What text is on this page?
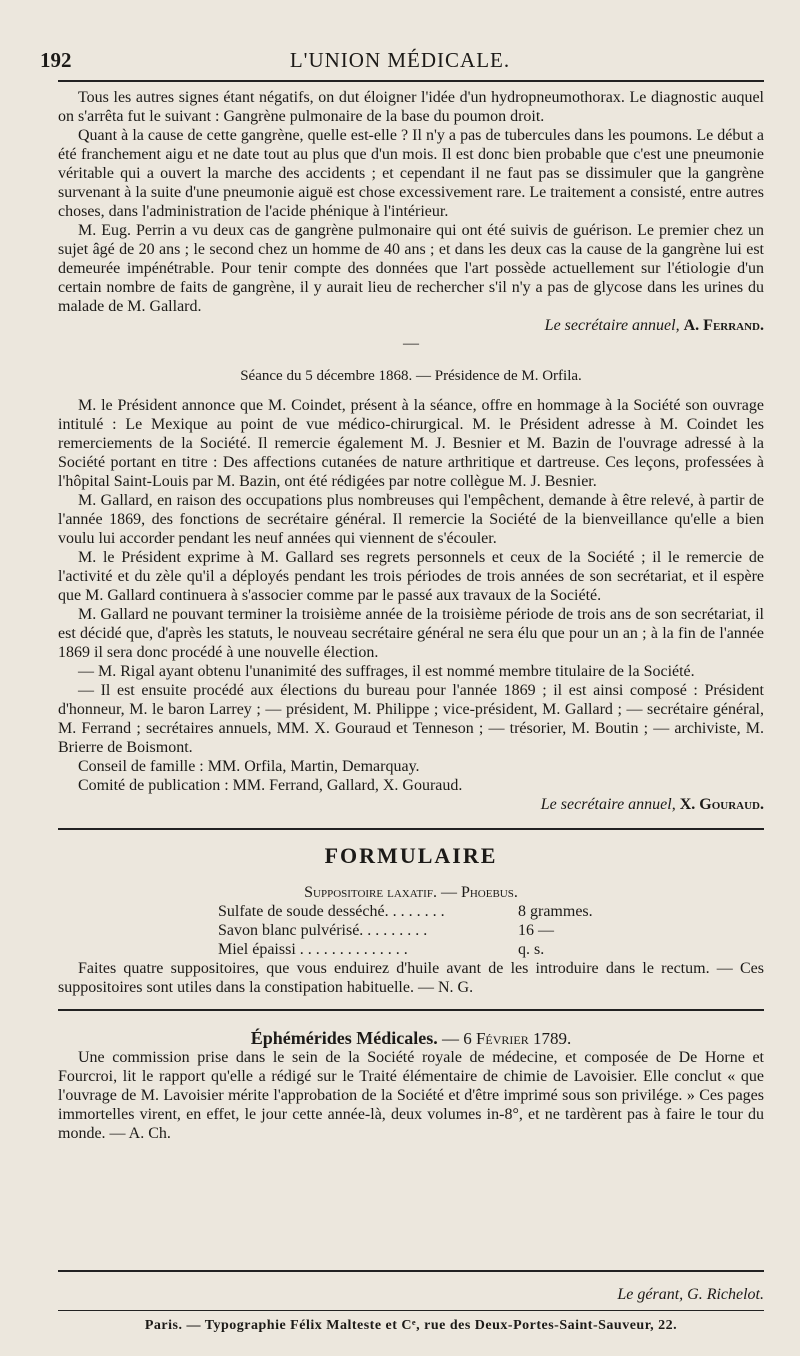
192	L'UNION MÉDICALE.

Tous les autres signes étant négatifs, on dut éloigner l'idée d'un hydropneumothorax. Le diagnostic auquel on s'arrêta fut le suivant : Gangrène pulmonaire de la base du poumon droit.

Quant à la cause de cette gangrène, quelle est-elle ? Il n'y a pas de tubercules dans les poumons. Le début a été franchement aigu et ne date tout au plus que d'un mois. Il est donc bien probable que c'est une pneumonie véritable qui a ouvert la marche des accidents ; et cependant il ne faut pas se dissimuler que la gangrène survenant à la suite d'une pneumonie aiguë est chose excessivement rare. Le traitement a consisté, entre autres choses, dans l'administration de l'acide phénique à l'intérieur.

M. Eug. Perrin a vu deux cas de gangrène pulmonaire qui ont été suivis de guérison. Le premier chez un sujet âgé de 20 ans ; le second chez un homme de 40 ans ; et dans les deux cas la cause de la gangrène lui est demeurée impénétrable. Pour tenir compte des données que l'art possède actuellement sur l'étiologie d'un certain nombre de faits de gangrène, il y aurait lieu de rechercher s'il n'y a pas de glycose dans les urines du malade de M. Gallard.

Le secrétaire annuel, A. Ferrand.

—
Séance du 5 décembre 1868. — Présidence de M. Orfila.

M. le Président annonce que M. Coindet, présent à la séance, offre en hommage à la Société son ouvrage intitulé : Le Mexique au point de vue médico-chirurgical. M. le Président adresse à M. Coindet les remerciements de la Société. Il remercie également M. J. Besnier et M. Bazin de l'ouvrage adressé à la Société portant en titre : Des affections cutanées de nature arthritique et dartreuse. Ces leçons, professées à l'hôpital Saint-Louis par M. Bazin, ont été rédigées par notre collègue M. J. Besnier.

M. Gallard, en raison des occupations plus nombreuses qui l'empêchent, demande à être relevé, à partir de l'année 1869, des fonctions de secrétaire général. Il remercie la Société de la bienveillance qu'elle a bien voulu lui accorder pendant les neuf années qui viennent de s'écouler.

M. le Président exprime à M. Gallard ses regrets personnels et ceux de la Société ; il le remercie de l'activité et du zèle qu'il a déployés pendant les trois périodes de trois années de son secrétariat, et il espère que M. Gallard continuera à s'associer comme par le passé aux travaux de la Société.

M. Gallard ne pouvant terminer la troisième année de la troisième période de trois ans de son secrétariat, il est décidé que, d'après les statuts, le nouveau secrétaire général ne sera élu que pour un an ; à la fin de l'année 1869 il sera donc procédé à une nouvelle élection.

— M. Rigal ayant obtenu l'unanimité des suffrages, il est nommé membre titulaire de la Société.

— Il est ensuite procédé aux élections du bureau pour l'année 1869 ; il est ainsi composé : Président d'honneur, M. le baron Larrey ; — président, M. Philippe ; vice-président, M. Gallard ; — secrétaire général, M. Ferrand ; secrétaires annuels, MM. X. Gouraud et Tenneson ; — trésorier, M. Boutin ; — archiviste, M. Brierre de Boismont.

Conseil de famille : MM. Orfila, Martin, Demarquay.

Comité de publication : MM. Ferrand, Gallard, X. Gouraud.

Le secrétaire annuel, X. Gouraud.

FORMULAIRE
Suppositoire laxatif. — Phoebus.
Sulfate de soude desséché. . . . . . . .	8 grammes.
Savon blanc pulvérisé. . . . . . . . .	16 —
Miel épaissi . . . . . . . . . . . . . .	q. s.

Faites quatre suppositoires, que vous enduirez d'huile avant de les introduire dans le rectum. — Ces suppositoires sont utiles dans la constipation habituelle. — N. G.

Éphémérides Médicales. — 6 Février 1789.

Une commission prise dans le sein de la Société royale de médecine, et composée de De Horne et Fourcroi, lit le rapport qu'elle a rédigé sur le Traité élémentaire de chimie de Lavoisier. Elle conclut « que l'ouvrage de M. Lavoisier mérite l'approbation de la Société et d'être imprimé sous son privilége. » Ces pages immortelles virent, en effet, le jour cette année-là, deux volumes in-8°, et ne tardèrent pas à faire le tour du monde. — A. Ch.

Le gérant, G. Richelot.
Paris. — Typographie Félix Malteste et Cᵉ, rue des Deux-Portes-Saint-Sauveur, 22.
